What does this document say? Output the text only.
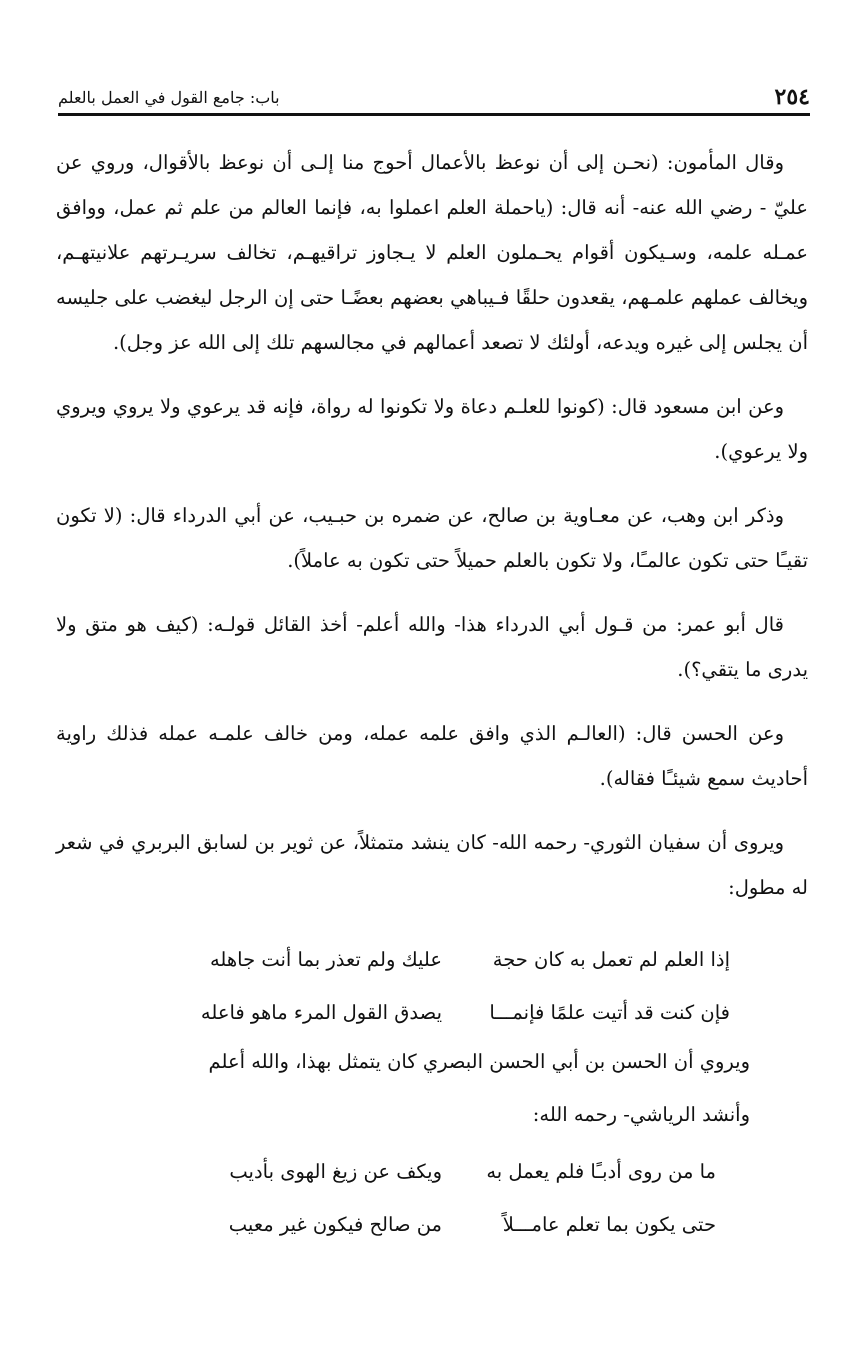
باب: جامع القول في العمل بالعلم	٢٥٤

وقال المأمون: (نحـن إلى أن نوعظ بالأعمال أحوج منا إلـى أن نوعظ بالأقوال، وروي عن عليّ - رضي الله عنه- أنه قال: (ياحملة العلم اعملوا به، فإنما العالم من علم ثم عمل، ووافق عمـله علمه، وسـيكون أقوام يحـملون العلم لا يـجاوز تراقيهـم، تخالف سريـرتهم علانيتهـم، ويخالف عملهم علمـهم، يقعدون حلقًا فـيباهي بعضهم بعضًـا حتى إن الرجل ليغضب على جليسه أن يجلس إلى غيره ويدعه، أولئك لا تصعد أعمالهم في مجالسهم تلك إلى الله عز وجل).

وعن ابن مسعود قال: (كونوا للعلـم دعاة ولا تكونوا له رواة، فإنه قد يرعوي ولا يروي ويروي ولا يرعوي).

وذكر ابن وهب، عن معـاوية بن صالح، عن ضمره بن حبـيب، عن أبي الدرداء قال: (لا تكون تقيـًا حتى تكون عالمـًا، ولا تكون بالعلم حميلاً حتى تكون به عاملاً).

قال أبو عمر: من قـول أبي الدرداء هذا- والله أعلم- أخذ القائل قولـه: (كيف هو متق ولا يدرى ما يتقي؟).

وعن الحسن قال: (العالـم الذي وافق علمه عمله، ومن خالف علمـه عمله فذلك راوية أحاديث سمع شيئـًا فقاله).

ويروى أن سفيان الثوري- رحمه الله- كان ينشد متمثلاً، عن ثوير بن لسابق البربري في شعر له مطول:

إذا العلم لم تعمل به كان حجة
عليك ولم تعذر بما أنت جاهله
فإن كنت قد أتيت علمًا فإنمـــا
يصدق القول المرء ماهو فاعله
ويروي أن الحسن بن أبي الحسن البصري كان يتمثل بهذا، والله أعلم
وأنشد الرياشي- رحمه الله:
ما من روى أدبـًا فلم يعمل به
ويكف عن زيغ الهوى بأديب
حتى يكون بما تعلم عامـــلاً
من صالح فيكون غير معيب
